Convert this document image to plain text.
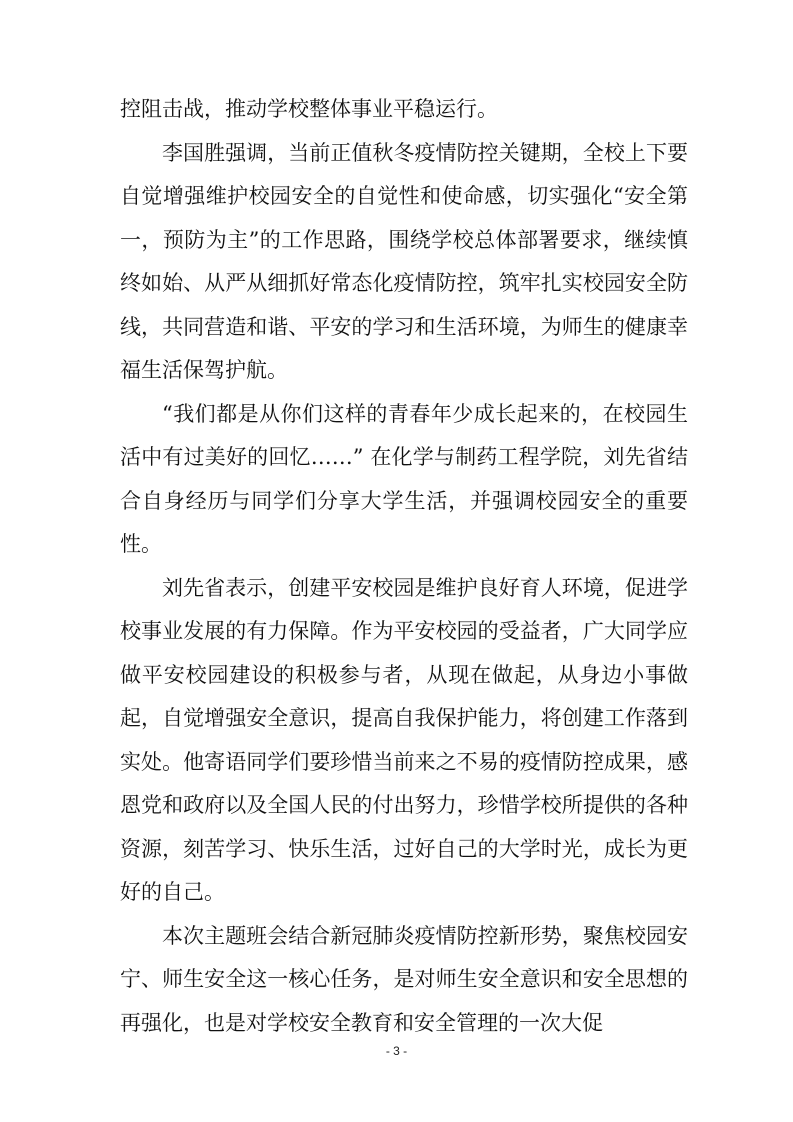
控阻击战，推动学校整体事业平稳运行。

李国胜强调，当前正值秋冬疫情防控关键期，全校上下要自觉增强维护校园安全的自觉性和使命感，切实强化“安全第一，预防为主”的工作思路，围绕学校总体部署要求，继续慎终如始、从严从细抓好常态化疫情防控，筑牢扎实校园安全防线，共同营造和谐、平安的学习和生活环境，为师生的健康幸福生活保驾护航。

“我们都是从你们这样的青春年少成长起来的，在校园生活中有过美好的回忆……” 在化学与制药工程学院，刘先省结合自身经历与同学们分享大学生活，并强调校园安全的重要性。

刘先省表示，创建平安校园是维护良好育人环境，促进学校事业发展的有力保障。作为平安校园的受益者，广大同学应做平安校园建设的积极参与者，从现在做起，从身边小事做起，自觉增强安全意识，提高自我保护能力，将创建工作落到实处。他寄语同学们要珍惜当前来之不易的疫情防控成果，感恩党和政府以及全国人民的付出努力，珍惜学校所提供的各种资源，刻苦学习、快乐生活，过好自己的大学时光，成长为更好的自己。

本次主题班会结合新冠肺炎疫情防控新形势，聚焦校园安宁、师生安全这一核心任务，是对师生安全意识和安全思想的再强化，也是对学校安全教育和安全管理的一次大促

- 3 -
